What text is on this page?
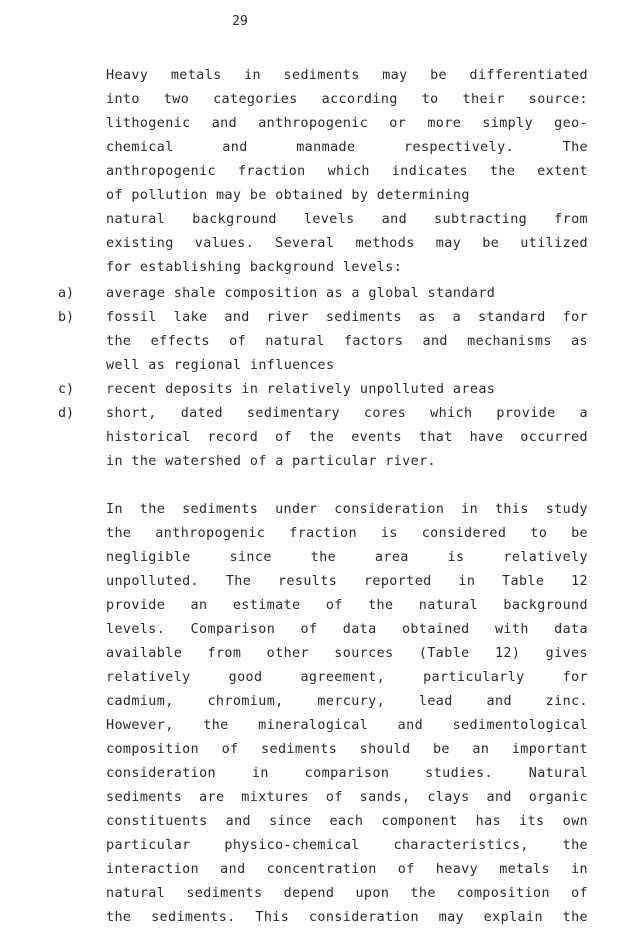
29
Heavy metals in sediments may be differentiated
into two categories according to their source:
lithogenic and anthropogenic or more simply geo-
chemical and manmade respectively. The
anthropogenic fraction which indicates the extent
of pollution may be obtained by determining
natural background levels and subtracting from
existing values. Several methods may be utilized
for establishing background levels:
a) average shale composition as a global standard
b) fossil lake and river sediments as a standard for
the effects of natural factors and mechanisms as
well as regional influences
c) recent deposits in relatively unpolluted areas
d) short, dated sedimentary cores which provide a
historical record of the events that have occurred
in the watershed of a particular river.
In the sediments under consideration in this study
the anthropogenic fraction is considered to be
negligible since the area is relatively
unpolluted. The results reported in Table 12
provide an estimate of the natural background
levels. Comparison of data obtained with data
available from other sources (Table 12) gives
relatively good agreement, particularly for
cadmium, chromium, mercury, lead and zinc.
However, the mineralogical and sedimentological
composition of sediments should be an important
consideration in comparison studies. Natural
sediments are mixtures of sands, clays and organic
constituents and since each component has its own
particular physico-chemical characteristics, the
interaction and concentration of heavy metals in
natural sediments depend upon the composition of
the sediments. This consideration may explain the
